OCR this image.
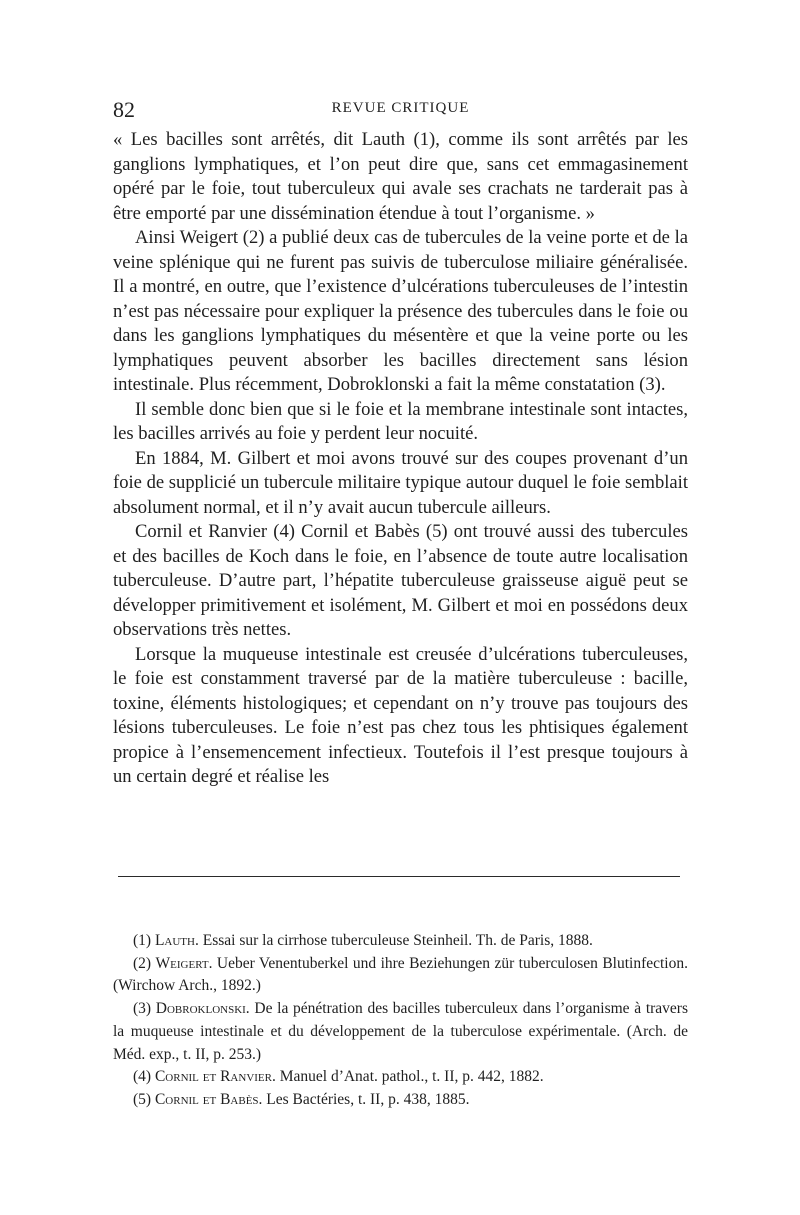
82	REVUE CRITIQUE

« Les bacilles sont arrêtés, dit Lauth (1), comme ils sont arrêtés par les ganglions lymphatiques, et l’on peut dire que, sans cet emmagasinement opéré par le foie, tout tuberculeux qui avale ses crachats ne tarderait pas à être emporté par une dissémination étendue à tout l’organisme. »

Ainsi Weigert (2) a publié deux cas de tubercules de la veine porte et de la veine splénique qui ne furent pas suivis de tuberculose miliaire généralisée. Il a montré, en outre, que l’existence d’ulcérations tuberculeuses de l’intestin n’est pas nécessaire pour expliquer la présence des tubercules dans le foie ou dans les ganglions lymphatiques du mésentère et que la veine porte ou les lymphatiques peuvent absorber les bacilles directement sans lésion intestinale. Plus récemment, Dobroklonski a fait la même constatation (3).

Il semble donc bien que si le foie et la membrane intestinale sont intactes, les bacilles arrivés au foie y perdent leur nocuité.

En 1884, M. Gilbert et moi avons trouvé sur des coupes provenant d’un foie de supplicié un tubercule militaire typique autour duquel le foie semblait absolument normal, et il n’y avait aucun tubercule ailleurs.

Cornil et Ranvier (4) Cornil et Babès (5) ont trouvé aussi des tubercules et des bacilles de Koch dans le foie, en l’absence de toute autre localisation tuberculeuse. D’autre part, l’hépatite tuberculeuse graisseuse aiguë peut se développer primitivement et isolément, M. Gilbert et moi en possédons deux observations très nettes.

Lorsque la muqueuse intestinale est creusée d’ulcérations tuberculeuses, le foie est constamment traversé par de la matière tuberculeuse : bacille, toxine, éléments histologiques; et cependant on n’y trouve pas toujours des lésions tuberculeuses. Le foie n’est pas chez tous les phtisiques également propice à l’ensemencement infectieux. Toutefois il l’est presque toujours à un certain degré et réalise les

(1) Lauth. Essai sur la cirrhose tuberculeuse Steinheil. Th. de Paris, 1888.

(2) Weigert. Ueber Venentuberkel und ihre Beziehungen zür tuberculosen Blutinfection. (Wirchow Arch., 1892.)

(3) Dobroklonski. De la pénétration des bacilles tuberculeux dans l’organisme à travers la muqueuse intestinale et du développement de la tuberculose expérimentale. (Arch. de Méd. exp., t. II, p. 253.)

(4) Cornil et Ranvier. Manuel d’Anat. pathol., t. II, p. 442, 1882.

(5) Cornil et Babès. Les Bactéries, t. II, p. 438, 1885.
